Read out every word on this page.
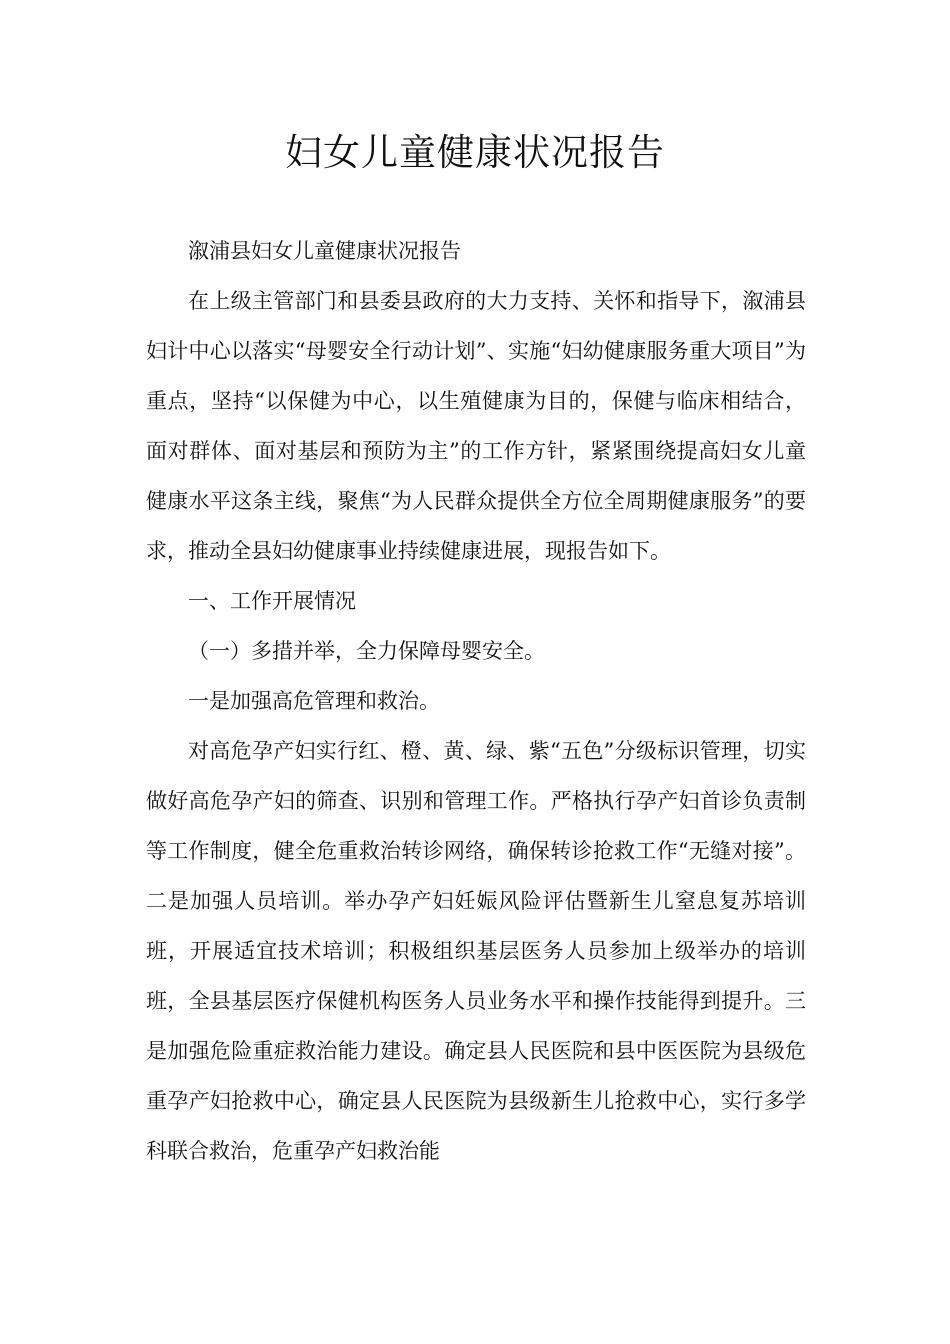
妇女儿童健康状况报告

溆浦县妇女儿童健康状况报告

在上级主管部门和县委县政府的大力支持、关怀和指导下，溆浦县妇计中心以落实“母婴安全行动计划”、实施“妇幼健康服务重大项目”为重点，坚持“以保健为中心，以生殖健康为目的，保健与临床相结合，面对群体、面对基层和预防为主”的工作方针，紧紧围绕提高妇女儿童健康水平这条主线，聚焦“为人民群众提供全方位全周期健康服务”的要求，推动全县妇幼健康事业持续健康进展，现报告如下。

一、工作开展情况

（一）多措并举，全力保障母婴安全。

一是加强高危管理和救治。

对高危孕产妇实行红、橙、黄、绿、紫“五色”分级标识管理，切实做好高危孕产妇的筛查、识别和管理工作。严格执行孕产妇首诊负责制等工作制度，健全危重救治转诊网络，确保转诊抢救工作“无缝对接”。二是加强人员培训。举办孕产妇妊娠风险评估暨新生儿窒息复苏培训班，开展适宜技术培训；积极组织基层医务人员参加上级举办的培训班，全县基层医疗保健机构医务人员业务水平和操作技能得到提升。三是加强危险重症救治能力建设。确定县人民医院和县中医医院为县级危重孕产妇抢救中心，确定县人民医院为县级新生儿抢救中心，实行多学科联合救治，危重孕产妇救治能
